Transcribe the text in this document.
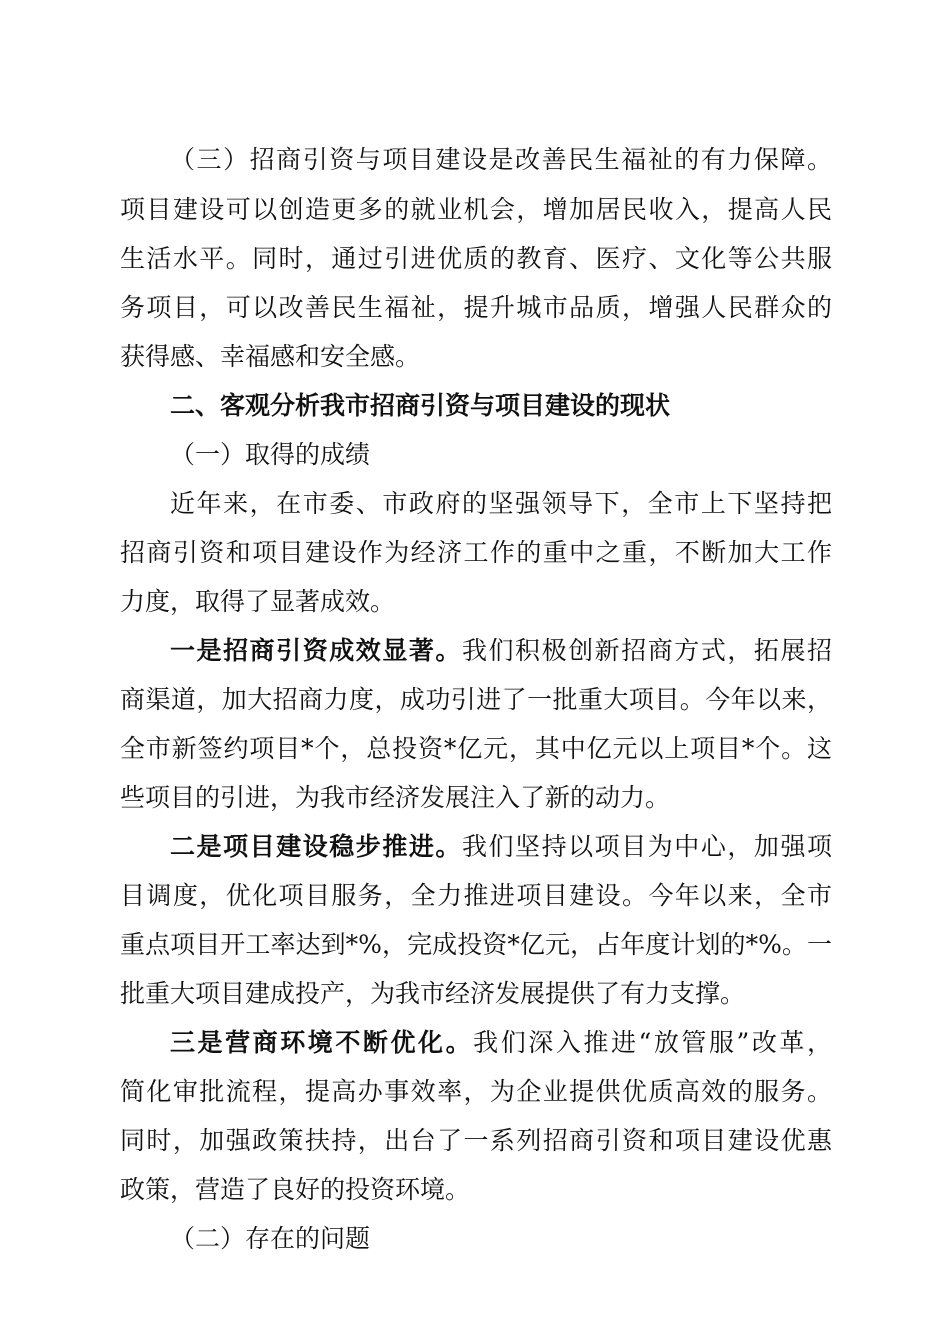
（三）招商引资与项目建设是改善民生福祉的有力保障。
项目建设可以创造更多的就业机会，增加居民收入，提高人民
生活水平。同时，通过引进优质的教育、医疗、文化等公共服
务项目，可以改善民生福祉，提升城市品质，增强人民群众的
获得感、幸福感和安全感。
二、客观分析我市招商引资与项目建设的现状
（一）取得的成绩
近年来，在市委、市政府的坚强领导下，全市上下坚持把
招商引资和项目建设作为经济工作的重中之重，不断加大工作
力度，取得了显著成效。
一是招商引资成效显著。我们积极创新招商方式，拓展招
商渠道，加大招商力度，成功引进了一批重大项目。今年以来，
全市新签约项目*个，总投资*亿元，其中亿元以上项目*个。这
些项目的引进，为我市经济发展注入了新的动力。
二是项目建设稳步推进。我们坚持以项目为中心，加强项
目调度，优化项目服务，全力推进项目建设。今年以来，全市
重点项目开工率达到*%，完成投资*亿元，占年度计划的*%。一
批重大项目建成投产，为我市经济发展提供了有力支撑。
三是营商环境不断优化。我们深入推进“放管服”改革，
简化审批流程，提高办事效率，为企业提供优质高效的服务。
同时，加强政策扶持，出台了一系列招商引资和项目建设优惠
政策，营造了良好的投资环境。
（二）存在的问题
